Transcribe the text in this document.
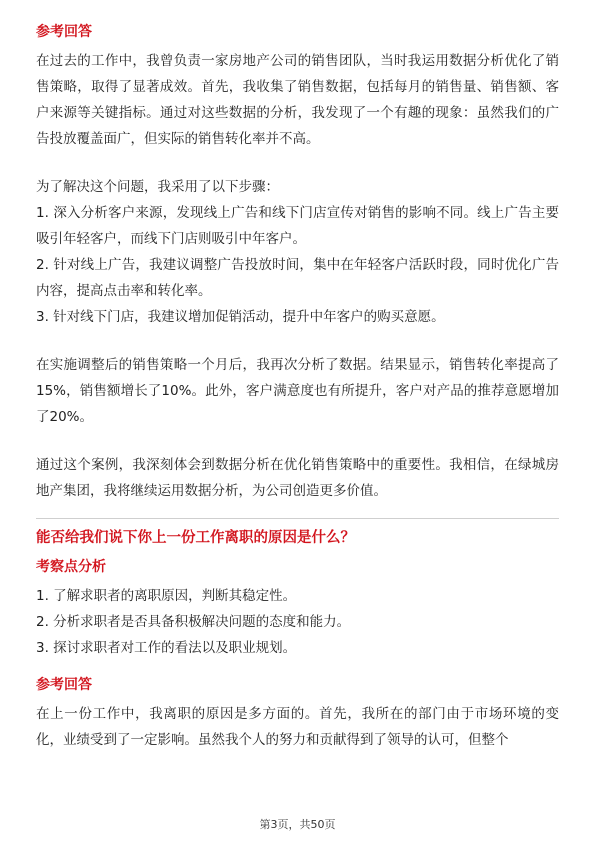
参考回答

在过去的工作中，我曾负责一家房地产公司的销售团队，当时我运用数据分析优化了销售策略，取得了显著成效。首先，我收集了销售数据，包括每月的销售量、销售额、客户来源等关键指标。通过对这些数据的分析，我发现了一个有趣的现象：虽然我们的广告投放覆盖面广，但实际的销售转化率并不高。

为了解决这个问题，我采用了以下步骤：

1. 深入分析客户来源，发现线上广告和线下门店宣传对销售的影响不同。线上广告主要吸引年轻客户，而线下门店则吸引中年客户。

2. 针对线上广告，我建议调整广告投放时间，集中在年轻客户活跃时段，同时优化广告内容，提高点击率和转化率。

3. 针对线下门店，我建议增加促销活动，提升中年客户的购买意愿。

在实施调整后的销售策略一个月后，我再次分析了数据。结果显示，销售转化率提高了15%，销售额增长了10%。此外，客户满意度也有所提升，客户对产品的推荐意愿增加了20%。

通过这个案例，我深刻体会到数据分析在优化销售策略中的重要性。我相信，在绿城房地产集团，我将继续运用数据分析，为公司创造更多价值。

能否给我们说下你上一份工作离职的原因是什么？
考察点分析

1. 了解求职者的离职原因，判断其稳定性。

2. 分析求职者是否具备积极解决问题的态度和能力。

3. 探讨求职者对工作的看法以及职业规划。

参考回答

在上一份工作中，我离职的原因是多方面的。首先，我所在的部门由于市场环境的变化，业绩受到了一定影响。虽然我个人的努力和贡献得到了领导的认可，但整个

第3页，共50页
